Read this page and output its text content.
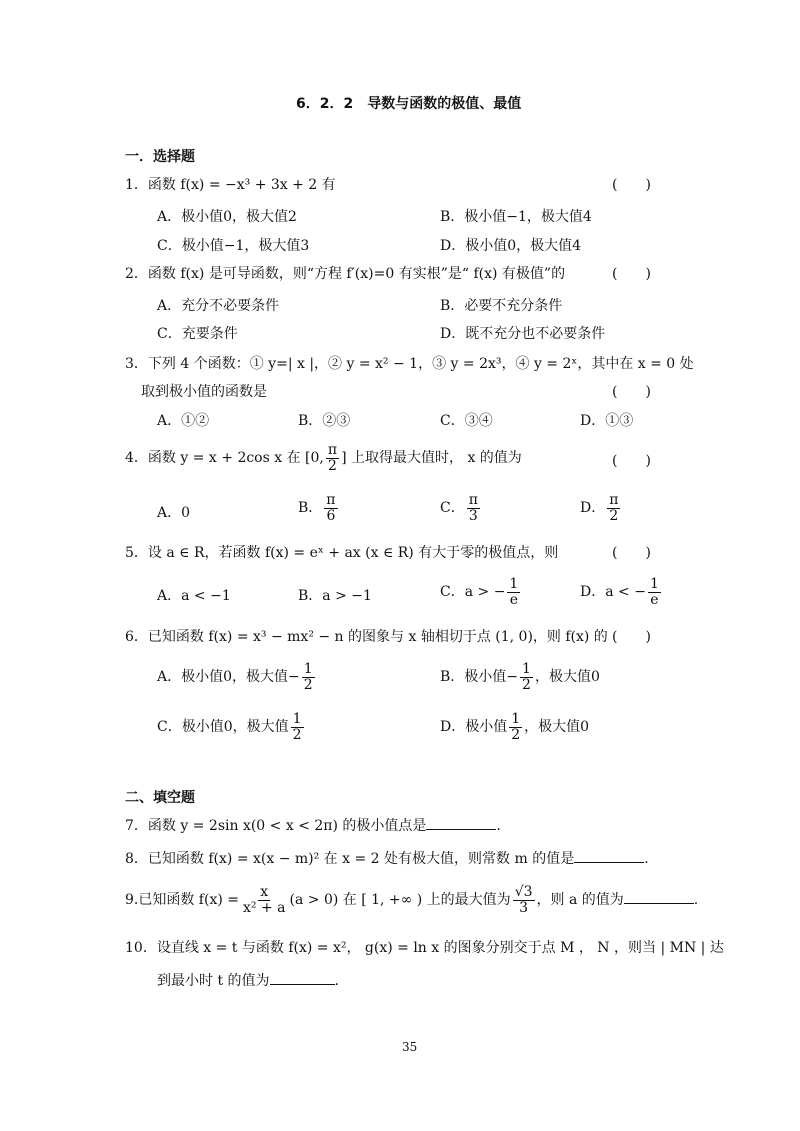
6．2．2　导数与函数的极值、最值
一．选择题
1．函数 f(x) = −x³ + 3x + 2 有	(　　)
A．极小值0，极大值2	B．极小值−1，极大值4
C．极小值−1，极大值3	D．极小值0，极大值4
2．函数 f(x) 是可导函数，则“方程 f′(x)=0 有实根”是“ f(x) 有极值”的	(　　)
A．充分不必要条件	B．必要不充分条件
C．充要条件	D．既不充分也不必要条件
3．下列 4 个函数：① y=| x |，② y = x² − 1，③ y = 2x³，④ y = 2ˣ，其中在 x = 0 处
取到极小值的函数是	(　　)
A．①②	B．②③	C．③④	D．①③
4．函数 y = x + 2cos x 在 [0, $\frac{\pi}{2}$ ] 上取得最大值时， x 的值为	(　　)
A．0	B． $\frac{\pi}{6}$	C． $\frac{\pi}{3}$	D． $\frac{\pi}{2}$
5．设 a ∈ R，若函数 f(x) = eˣ + ax (x ∈ R) 有大于零的极值点，则	(　　)
A．a < −1	B．a > −1	C．a > − $\frac{1}{e}$	D．a < − $\frac{1}{e}$
6．已知函数 f(x) = x³ − mx² − n 的图象与 x 轴相切于点 (1, 0)，则 f(x) 的 (　　)
A．极小值0，极大值− $\frac{1}{2}$	B．极小值− $\frac{1}{2}$ ，极大值0
C．极小值0，极大值 $\frac{1}{2}$	D．极小值 $\frac{1}{2}$ ，极大值0
二、填空题
7．函数 y = 2sin x(0 < x < 2π) 的极小值点是	.
8．已知函数 f(x) = x(x − m)² 在 x = 2 处有极大值，则常数 m 的值是	.
9.已知函数 $f(x) = \frac{x}{\text{x² + a}} (a > 0)$ 在 [ 1, +∞ ) 上的最大值为 $\frac{√3}{3}$ ，则 a 的值为	.
10．设直线 x = t 与函数 f(x) = x²， g(x) = ln x 的图象分别交于点 M ， N ，则当 | MN | 达
到最小时 t 的值为	.
35
